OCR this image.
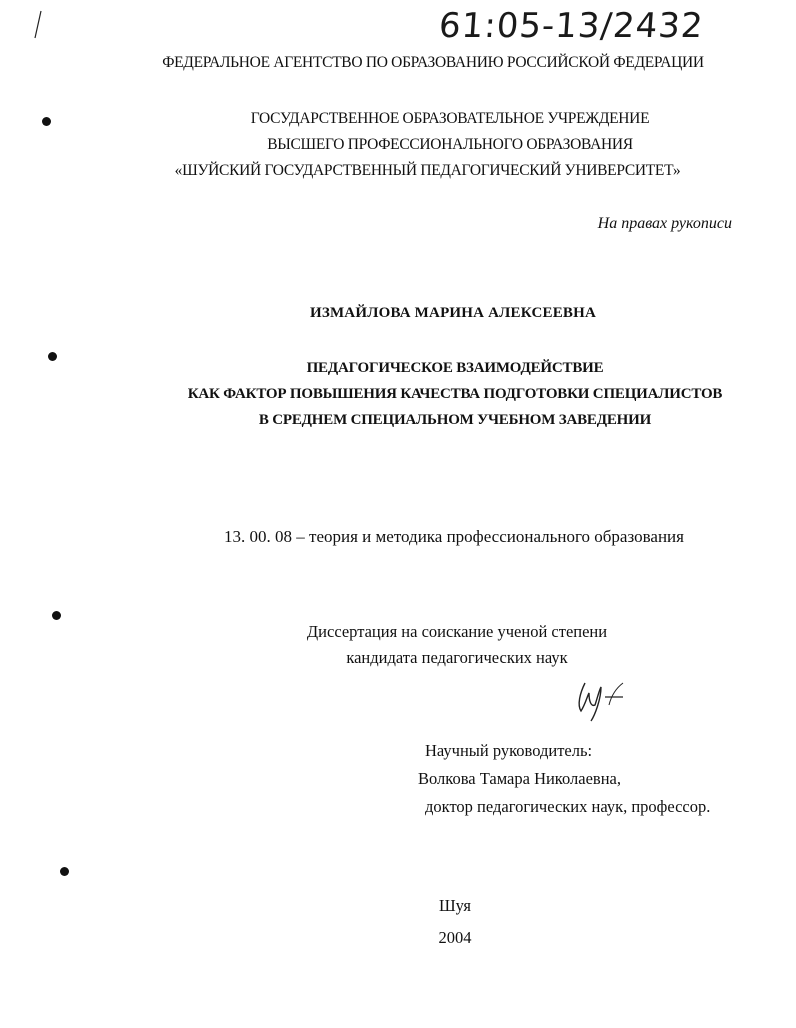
61:05-13/2432
ФЕДЕРАЛЬНОЕ АГЕНТСТВО ПО ОБРАЗОВАНИЮ РОССИЙСКОЙ ФЕДЕРАЦИИ
ГОСУДАРСТВЕННОЕ ОБРАЗОВАТЕЛЬНОЕ УЧРЕЖДЕНИЕ
ВЫСШЕГО ПРОФЕССИОНАЛЬНОГО ОБРАЗОВАНИЯ
«ШУЙСКИЙ ГОСУДАРСТВЕННЫЙ ПЕДАГОГИЧЕСКИЙ УНИВЕРСИТЕТ»
На правах рукописи
ИЗМАЙЛОВА МАРИНА АЛЕКСЕЕВНА
ПЕДАГОГИЧЕСКОЕ ВЗАИМОДЕЙСТВИЕ
КАК ФАКТОР ПОВЫШЕНИЯ КАЧЕСТВА ПОДГОТОВКИ СПЕЦИАЛИСТОВ
В СРЕДНЕМ СПЕЦИАЛЬНОМ УЧЕБНОМ ЗАВЕДЕНИИ
13. 00. 08 – теория и методика профессионального образования
Диссертация на соискание ученой степени
кандидата педагогических наук
Научный руководитель:
Волкова Тамара Николаевна,
доктор педагогических наук, профессор.
Шуя
2004
